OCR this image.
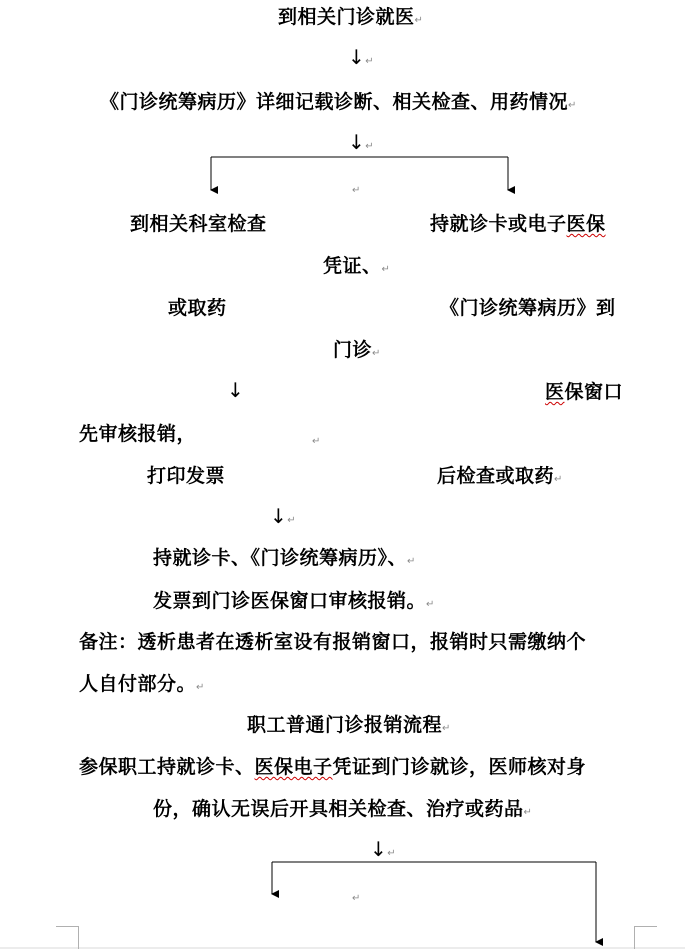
到相关门诊就医↵
↓↵
《门诊统筹病历》详细记载诊断、相关检查、用药情况↵
↓↵
↵
到相关科室检查	持就诊卡或电子医保
凭证、↵
或取药	《门诊统筹病历》到
门诊↵
↓	医保窗口
先审核报销，	↵
打印发票	后检查或取药↵
↓↵
持就诊卡、《门诊统筹病历》、↵
发票到门诊医保窗口审核报销。↵
备注：透析患者在透析室设有报销窗口，报销时只需缴纳个
人自付部分。↵
职工普通门诊报销流程↵
参保职工持就诊卡、医保电子凭证到门诊就诊，医师核对身
份，确认无误后开具相关检查、治疗或药品↵
↓↵
↵
